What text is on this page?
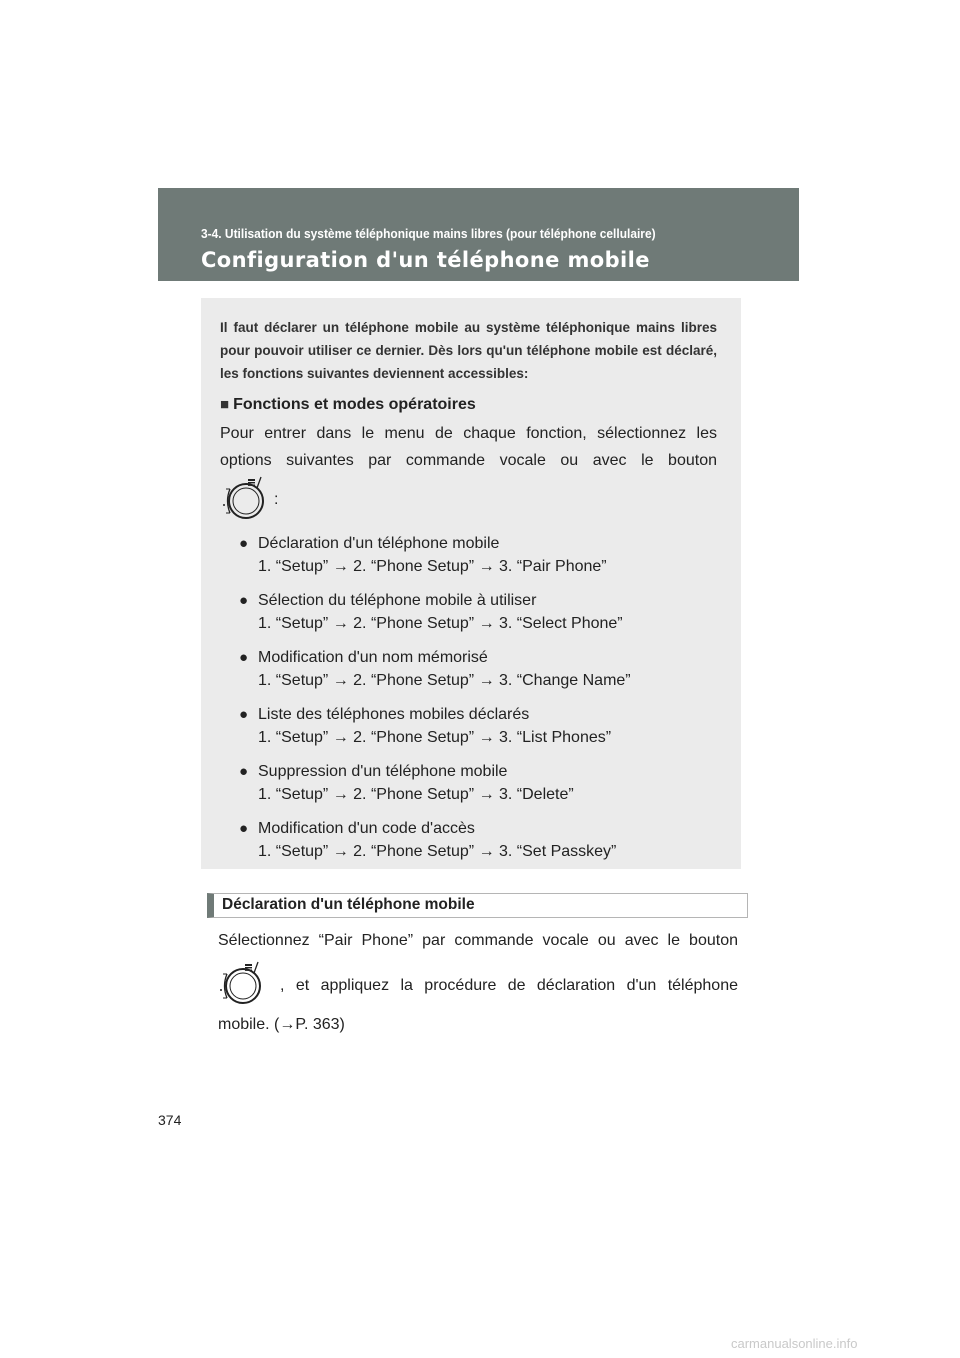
3-4. Utilisation du système téléphonique mains libres (pour téléphone cellulaire)
Configuration d'un téléphone mobile
Il faut déclarer un téléphone mobile au système téléphonique mains libres pour pouvoir utiliser ce dernier. Dès lors qu'un téléphone mobile est déclaré, les fonctions suivantes deviennent accessibles:
■ Fonctions et modes opératoires
Pour entrer dans le menu de chaque fonction, sélectionnez les options suivantes par commande vocale ou avec le bouton
:
● Déclaration d'un téléphone mobile
1. “Setup” → 2. “Phone Setup” → 3. “Pair Phone”
● Sélection du téléphone mobile à utiliser
1. “Setup” → 2. “Phone Setup” → 3. “Select Phone”
● Modification d'un nom mémorisé
1. “Setup” → 2. “Phone Setup” → 3. “Change Name”
● Liste des téléphones mobiles déclarés
1. “Setup” → 2. “Phone Setup” → 3. “List Phones”
● Suppression d'un téléphone mobile
1. “Setup” → 2. “Phone Setup” → 3. “Delete”
● Modification d'un code d'accès
1. “Setup” → 2. “Phone Setup” → 3. “Set Passkey”
Déclaration d'un téléphone mobile
Sélectionnez “Pair Phone” par commande vocale ou avec le bouton
, et appliquez la procédure de déclaration d'un téléphone
mobile. (→P. 363)
374
carmanualsonline.info
